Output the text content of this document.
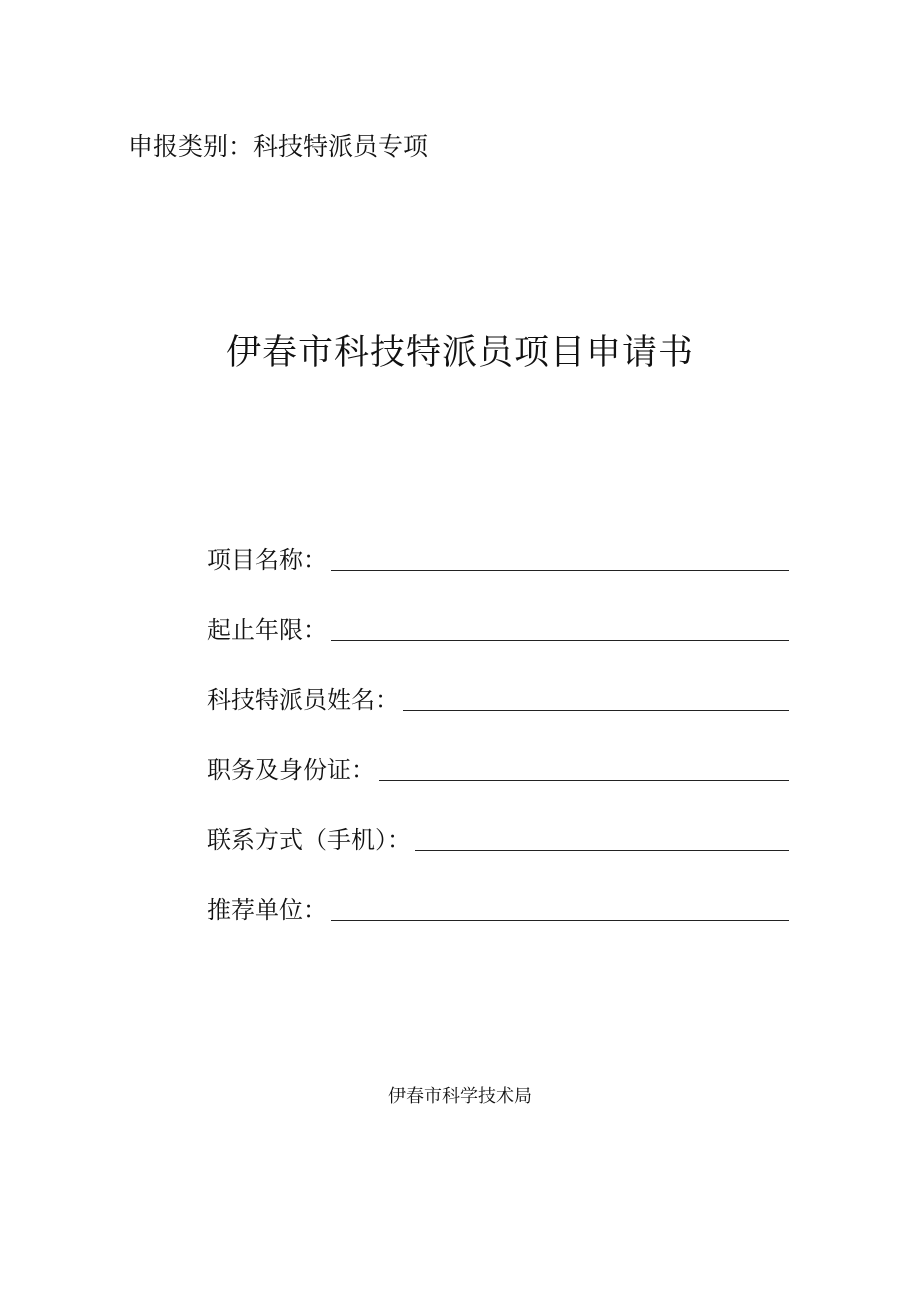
申报类别：科技特派员专项
伊春市科技特派员项目申请书
项目名称：
起止年限：
科技特派员姓名：
职务及身份证：
联系方式（手机）：
推荐单位：
伊春市科学技术局
